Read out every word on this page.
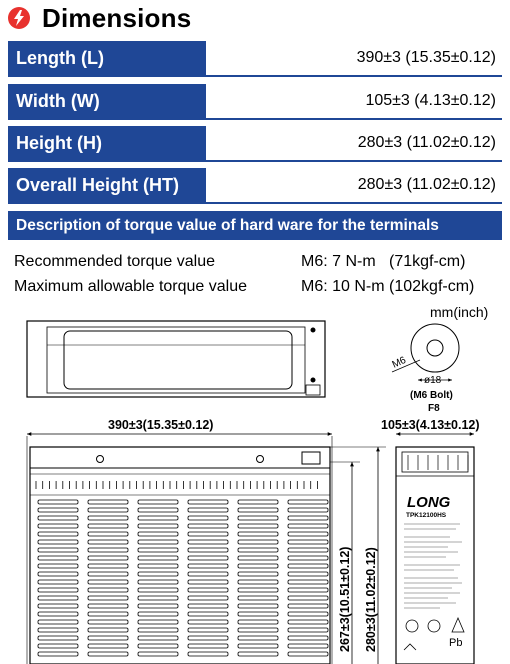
Dimensions
Length (L)	390±3 (15.35±0.12)
Width (W)	105±3 (4.13±0.12)
Height (H)	280±3 (11.02±0.12)
Overall Height (HT)	280±3 (11.02±0.12)
Description of torque value of hard ware for the terminals
Recommended torque value	M6: 7 N-m   (71kgf-cm)
Maximum allowable torque value	M6: 10 N-m (102kgf-cm)
mm(inch)
M6
ø18
(M6 Bolt)
F8
390±3(15.35±0.12)	105±3(4.13±0.12)
267±3(10.51±0.12) 280±3(11.02±0.12)
LONG
TPK12100HS
Pb
